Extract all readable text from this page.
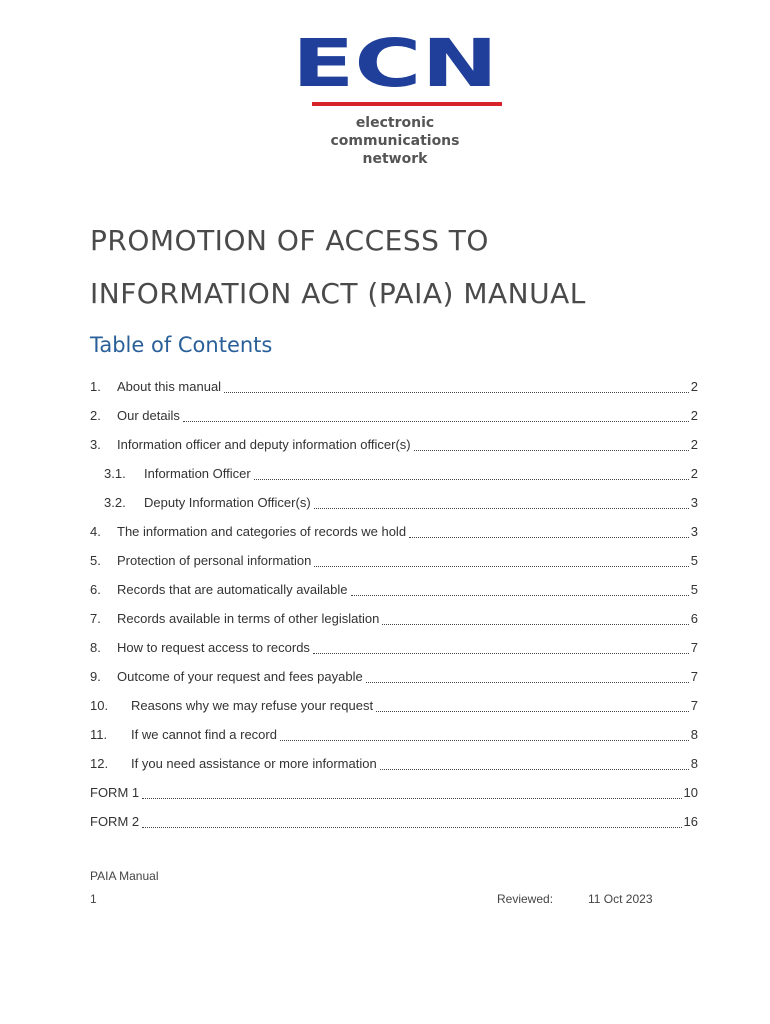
ECN
electronic
communications
network
PROMOTION OF ACCESS TO
INFORMATION ACT (PAIA) MANUAL
Table of Contents
1.	About this manual	2
2.	Our details	2
3.	Information officer and deputy information officer(s)	2
3.1.	Information Officer	2
3.2.	Deputy Information Officer(s)	3
4.	The information and categories of records we hold	3
5.	Protection of personal information	5
6.	Records that are automatically available	5
7.	Records available in terms of other legislation	6
8.	How to request access to records	7
9.	Outcome of your request and fees payable	7
10.	Reasons why we may refuse your request	7
11.	If we cannot find a record	8
12.	If you need assistance or more information	8
FORM 1	10
FORM 2	16
PAIA Manual
1	Reviewed:	11 Oct 2023
